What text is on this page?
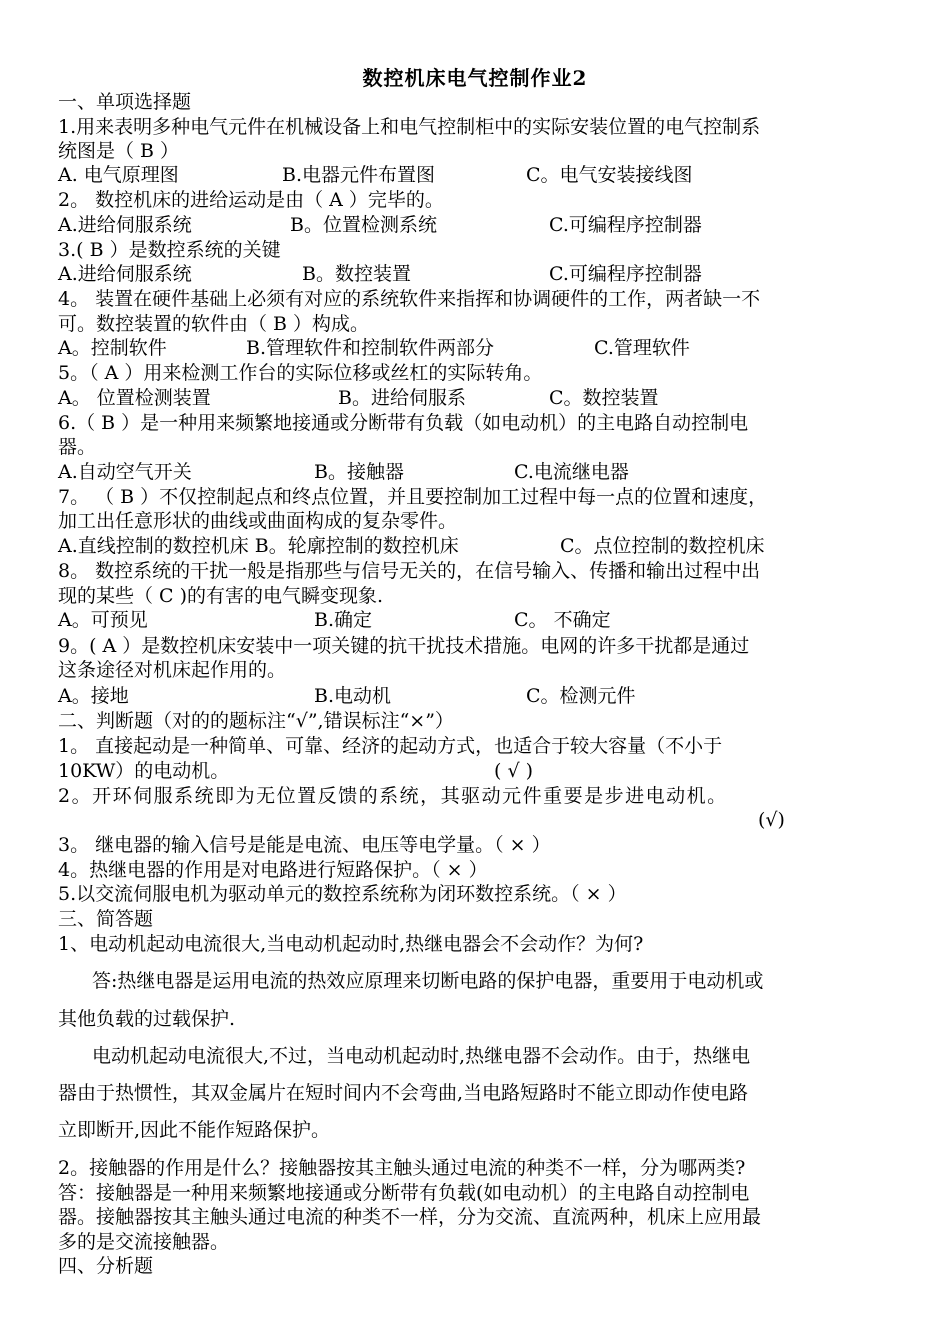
数控机床电气控制作业2
一、单项选择题
1.用来表明多种电气元件在机械设备上和电气控制柜中的实际安装位置的电气控制系
统图是（ B ）
A. 电气原理图	B.电器元件布置图	C。电气安装接线图
2。 数控机床的进给运动是由（ A ）完毕的。
A.进给伺服系统	B。位置检测系统	C.可编程序控制器
3.( B ）是数控系统的关键
A.进给伺服系统	B。数控装置	C.可编程序控制器
4。 装置在硬件基础上必须有对应的系统软件来指挥和协调硬件的工作，两者缺一不
可。数控装置的软件由（ B ）构成。
A。控制软件	B.管理软件和控制软件两部分	C.管理软件
5。（ A ）用来检测工作台的实际位移或丝杠的实际转角。
A。 位置检测装置	B。进给伺服系	C。数控装置
6.（ B ）是一种用来频繁地接通或分断带有负载（如电动机）的主电路自动控制电
器。
A.自动空气开关	B。接触器	C.电流继电器
7。 （ B ）不仅控制起点和终点位置，并且要控制加工过程中每一点的位置和速度，
加工出任意形状的曲线或曲面构成的复杂零件。
A.直线控制的数控机床 B。轮廓控制的数控机床	C。点位控制的数控机床
8。 数控系统的干扰一般是指那些与信号无关的，在信号输入、传播和输出过程中出
现的某些（ C )的有害的电气瞬变现象.
A。可预见	B.确定	C。 不确定
9。( A ）是数控机床安装中一项关键的抗干扰技术措施。电网的许多干扰都是通过
这条途径对机床起作用的。
A。接地	B.电动机	C。检测元件
二、判断题（对的的题标注“√”,错误标注“×”）
1。 直接起动是一种简单、可靠、经济的起动方式，也适合于较大容量（不小于
10KW）的电动机。	( √ )
2。开环伺服系统即为无位置反馈的系统，其驱动元件重要是步进电动机。
(√)
3。 继电器的输入信号是能是电流、电压等电学量。（ × ）
4。热继电器的作用是对电路进行短路保护。（ × ）
5.以交流伺服电机为驱动单元的数控系统称为闭环数控系统。（ × ）
三、简答题
1、电动机起动电流很大,当电动机起动时,热继电器会不会动作？为何?
答:热继电器是运用电流的热效应原理来切断电路的保护电器，重要用于电动机或
其他负载的过载保护.
电动机起动电流很大,不过，当电动机起动时,热继电器不会动作。由于，热继电
器由于热惯性，其双金属片在短时间内不会弯曲,当电路短路时不能立即动作使电路
立即断开,因此不能作短路保护。
2。接触器的作用是什么？接触器按其主触头通过电流的种类不一样，分为哪两类?
答：接触器是一种用来频繁地接通或分断带有负载(如电动机）的主电路自动控制电
器。接触器按其主触头通过电流的种类不一样，分为交流、直流两种，机床上应用最
多的是交流接触器。
四、分析题
